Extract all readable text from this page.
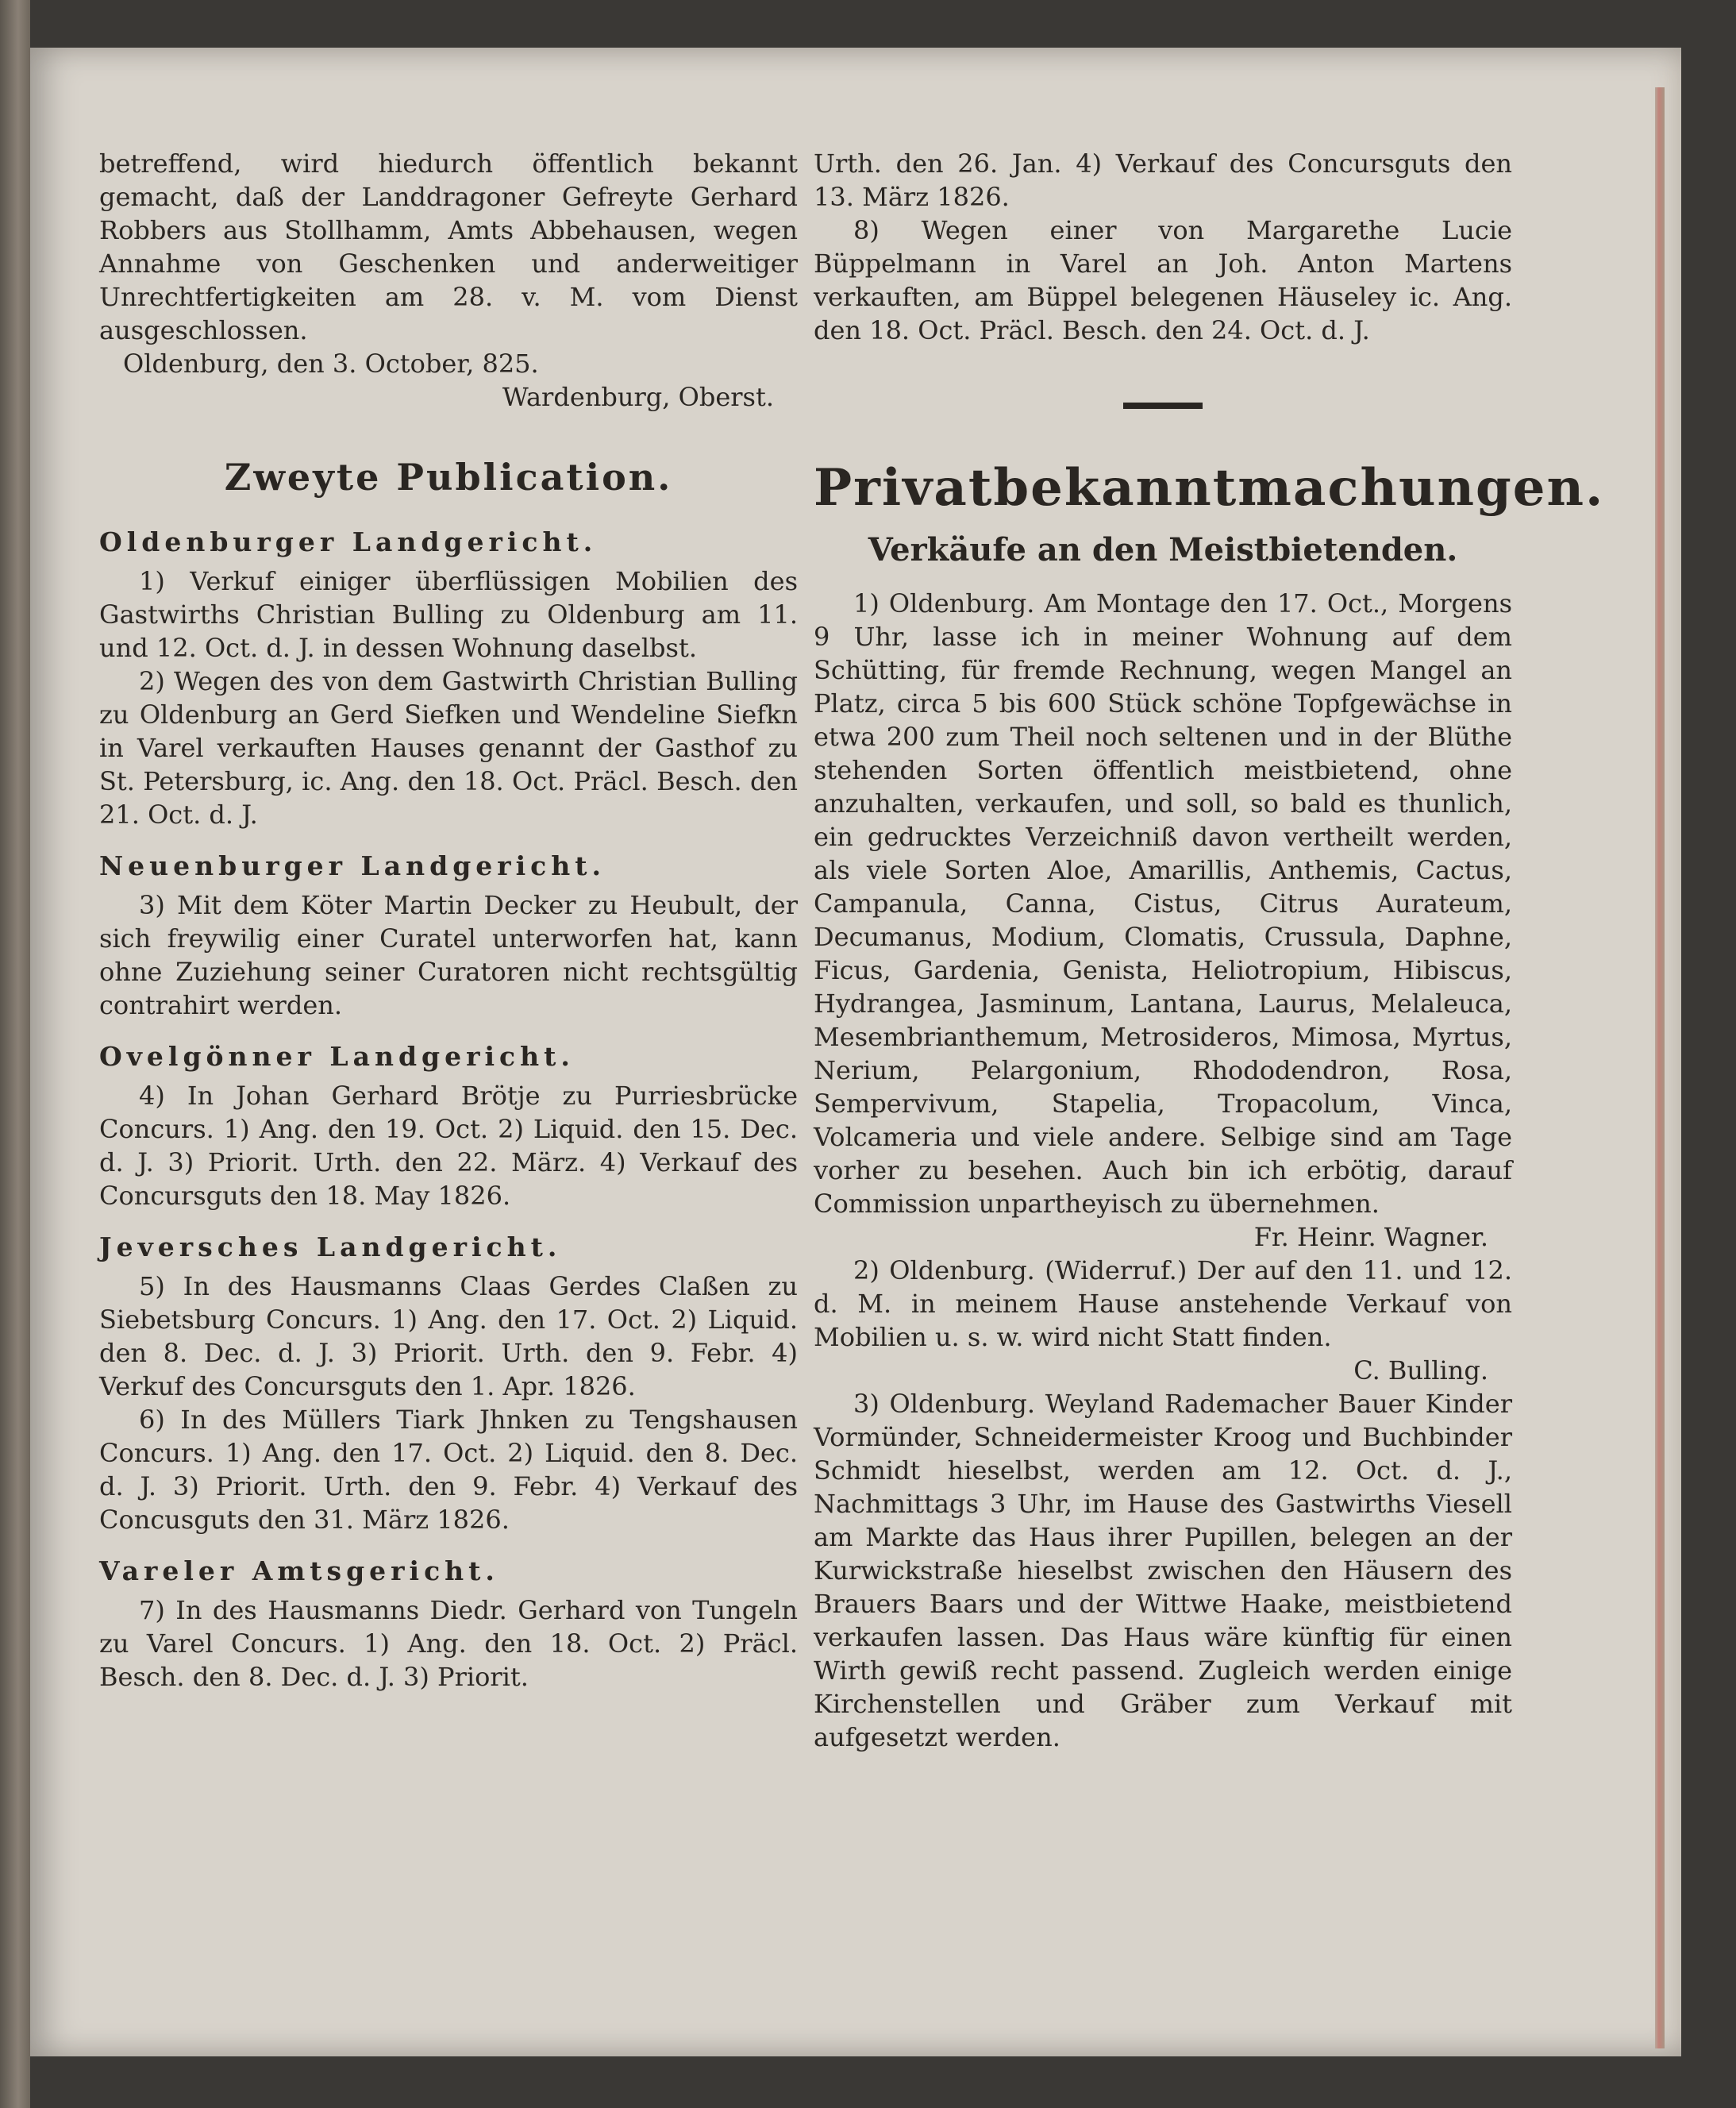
betreffend, wird hiedurch öffentlich bekannt gemacht, daß der Landdragoner Gefreyte Gerhard Robbers aus Stollhamm, Amts Abbehausen, wegen Annahme von Geschenken und anderweitiger Unrechtfertigkeiten am 28. v. M. vom Dienst ausgeschlossen.

Oldenburg, den 3. October, 825.

Wardenburg, Oberst.

Zweyte Publication.
Oldenburger Landgericht.

1) Verkuf einiger überflüssigen Mobilien des Gastwirths Christian Bulling zu Oldenburg am 11. und 12. Oct. d. J. in dessen Wohnung daselbst.

2) Wegen des von dem Gastwirth Christian Bulling zu Oldenburg an Gerd Siefken und Wendeline Siefkn in Varel verkauften Hauses genannt der Gasthof zu St. Petersburg, ic. Ang. den 18. Oct. Präcl. Besch. den 21. Oct. d. J.

Neuenburger Landgericht.

3) Mit dem Köter Martin Decker zu Heubult, der sich freywilig einer Curatel unterworfen hat, kann ohne Zuziehung seiner Curatoren nicht rechtsgültig contrahirt werden.

Ovelgönner Landgericht.

4) In Johan Gerhard Brötje zu Purriesbrücke Concurs. 1) Ang. den 19. Oct. 2) Liquid. den 15. Dec. d. J. 3) Priorit. Urth. den 22. März. 4) Verkauf des Concursguts den 18. May 1826.

Jeversches Landgericht.

5) In des Hausmanns Claas Gerdes Claßen zu Siebetsburg Concurs. 1) Ang. den 17. Oct. 2) Liquid. den 8. Dec. d. J. 3) Priorit. Urth. den 9. Febr. 4) Verkuf des Concursguts den 1. Apr. 1826.

6) In des Müllers Tiark Jhnken zu Tengshausen Concurs. 1) Ang. den 17. Oct. 2) Liquid. den 8. Dec. d. J. 3) Priorit. Urth. den 9. Febr. 4) Verkauf des Concusguts den 31. März 1826.

Vareler Amtsgericht.

7) In des Hausmanns Diedr. Gerhard von Tungeln zu Varel Concurs. 1) Ang. den 18. Oct. 2) Präcl. Besch. den 8. Dec. d. J. 3) Priorit.

Urth. den 26. Jan. 4) Verkauf des Concursguts den 13. März 1826.

8) Wegen einer von Margarethe Lucie Büppelmann in Varel an Joh. Anton Martens verkauften, am Büppel belegenen Häuseley ic. Ang. den 18. Oct. Präcl. Besch. den 24. Oct. d. J.

Privatbekanntmachungen.
Verkäufe an den Meistbietenden.

1) Oldenburg. Am Montage den 17. Oct., Morgens 9 Uhr, lasse ich in meiner Wohnung auf dem Schütting, für fremde Rechnung, wegen Mangel an Platz, circa 5 bis 600 Stück schöne Topfgewächse in etwa 200 zum Theil noch seltenen und in der Blüthe stehenden Sorten öffentlich meistbietend, ohne anzuhalten, verkaufen, und soll, so bald es thunlich, ein gedrucktes Verzeichniß davon vertheilt werden, als viele Sorten Aloe, Amarillis, Anthemis, Cactus, Campanula, Canna, Cistus, Citrus Aurateum, Decumanus, Modium, Clomatis, Crussula, Daphne, Ficus, Gardenia, Genista, Heliotropium, Hibiscus, Hydrangea, Jasminum, Lantana, Laurus, Melaleuca, Mesembrianthemum, Metrosideros, Mimosa, Myrtus, Nerium, Pelargonium, Rhododendron, Rosa, Sempervivum, Stapelia, Tropacolum, Vinca, Volcameria und viele andere. Selbige sind am Tage vorher zu besehen. Auch bin ich erbötig, darauf Commission unpartheyisch zu übernehmen.

Fr. Heinr. Wagner.

2) Oldenburg. (Widerruf.) Der auf den 11. und 12. d. M. in meinem Hause anstehende Verkauf von Mobilien u. s. w. wird nicht Statt finden.

C. Bulling.

3) Oldenburg. Weyland Rademacher Bauer Kinder Vormünder, Schneidermeister Kroog und Buchbinder Schmidt hieselbst, werden am 12. Oct. d. J., Nachmittags 3 Uhr, im Hause des Gastwirths Viesell am Markte das Haus ihrer Pupillen, belegen an der Kurwickstraße hieselbst zwischen den Häusern des Brauers Baars und der Wittwe Haake, meistbietend verkaufen lassen. Das Haus wäre künftig für einen Wirth gewiß recht passend. Zugleich werden einige Kirchenstellen und Gräber zum Verkauf mit aufgesetzt werden.
